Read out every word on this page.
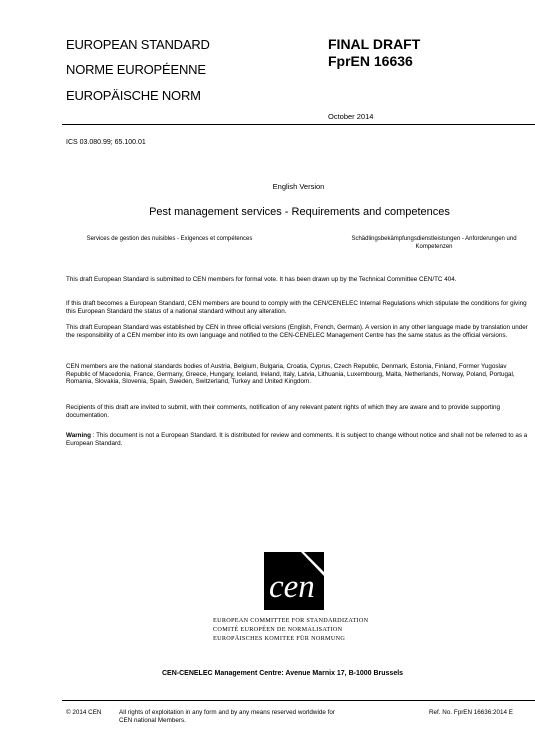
EUROPEAN STANDARD
NORME EUROPÉENNE
EUROPÄISCHE NORM
FINAL DRAFT
FprEN 16636
October 2014
ICS 03.080.99; 65.100.01
English Version
Pest management services - Requirements and competences
Services de gestion des nuisibles - Exigences et compétences	Schädlingsbekämpfungsdienstleistungen - Anforderungen und Kompetenzen
This draft European Standard is submitted to CEN members for formal vote. It has been drawn up by the Technical Committee CEN/TC 404.
If this draft becomes a European Standard, CEN members are bound to comply with the CEN/CENELEC Internal Regulations which stipulate the conditions for giving this European Standard the status of a national standard without any alteration.
This draft European Standard was established by CEN in three official versions (English, French, German). A version in any other language made by translation under the responsibility of a CEN member into its own language and notified to the CEN-CENELEC Management Centre has the same status as the official versions.
CEN members are the national standards bodies of Austria, Belgium, Bulgaria, Croatia, Cyprus, Czech Republic, Denmark, Estonia, Finland, Former Yugoslav Republic of Macedonia, France, Germany, Greece, Hungary, Iceland, Ireland, Italy, Latvia, Lithuania, Luxembourg, Malta, Netherlands, Norway, Poland, Portugal, Romania, Slovakia, Slovenia, Spain, Sweden, Switzerland, Turkey and United Kingdom.
Recipients of this draft are invited to submit, with their comments, notification of any relevant patent rights of which they are aware and to provide supporting documentation.
Warning : This document is not a European Standard. It is distributed for review and comments. It is subject to change without notice and shall not be referred to as a European Standard.
cen
EUROPEAN COMMITTEE FOR STANDARDIZATION
COMITÉ EUROPÉEN DE NORMALISATION
EUROPÄISCHES KOMITEE FÜR NORMUNG
CEN-CENELEC Management Centre: Avenue Marnix 17, B-1000 Brussels
© 2014 CEN	All rights of exploitation in any form and by any means reserved worldwide for CEN national Members.
Ref. No. FprEN 16636:2014 E
